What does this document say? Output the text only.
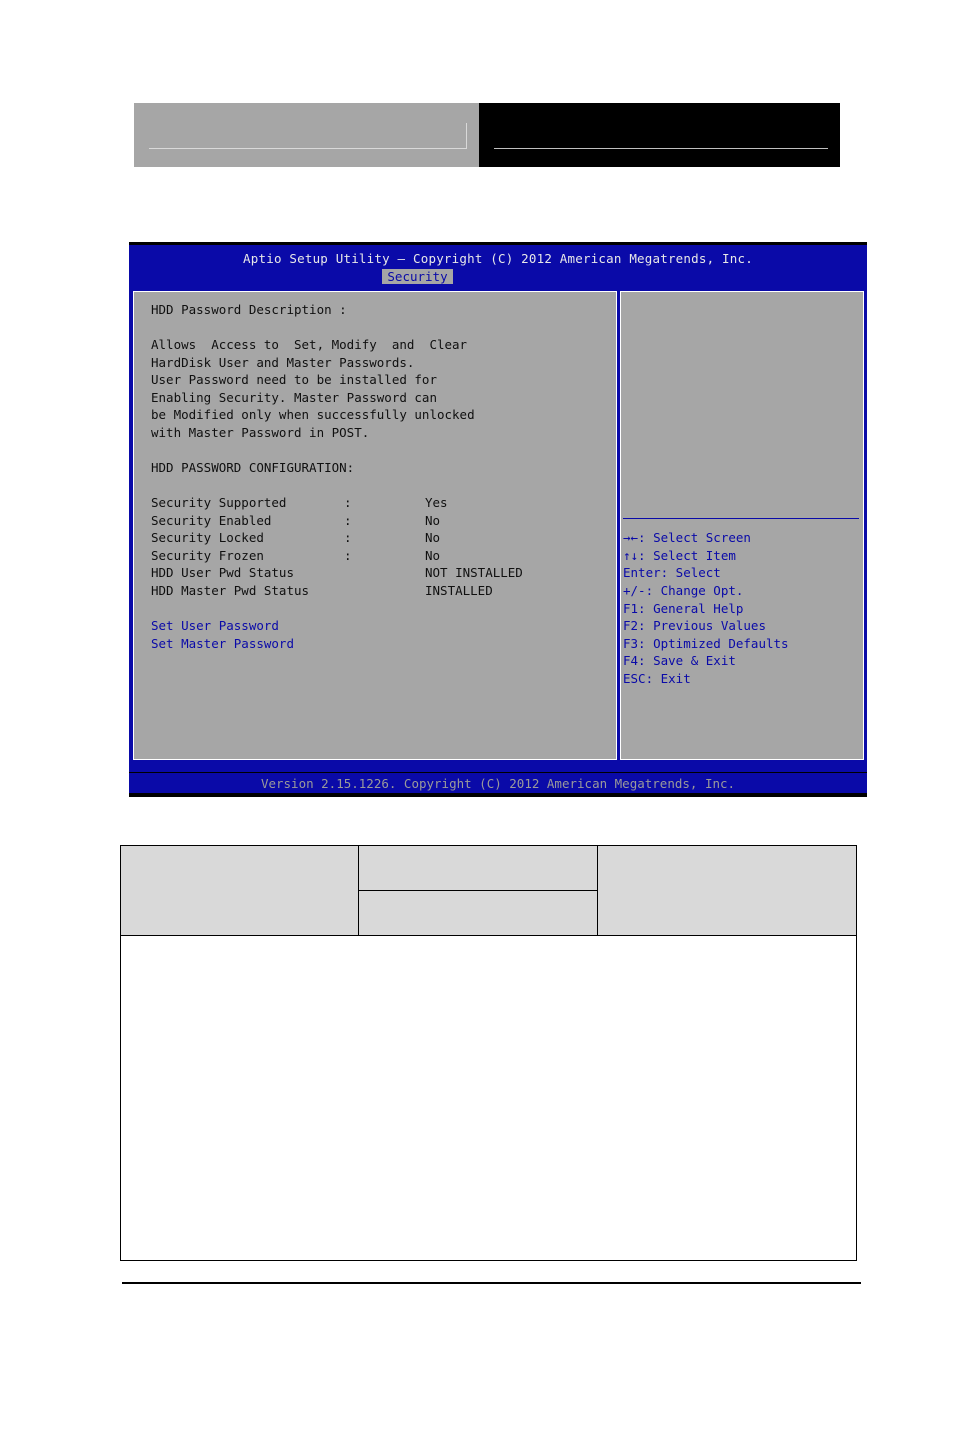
Aptio Setup Utility – Copyright (C) 2012 American Megatrends, Inc.
Security
HDD Password Description :
Allows  Access to  Set, Modify  and  Clear
HardDisk User and Master Passwords.
User Password need to be installed for
Enabling Security. Master Password can
be Modified only when successfully unlocked
with Master Password in POST.
HDD PASSWORD CONFIGURATION:
Security Supported	:	Yes
Security Enabled	:	No
Security Locked	:	No
Security Frozen	:	No
HDD User Pwd Status	NOT INSTALLED
HDD Master Pwd Status	INSTALLED
Set User Password
Set Master Password
→←: Select Screen
↑↓: Select Item
Enter: Select
+/-: Change Opt.
F1: General Help
F2: Previous Values
F3: Optimized Defaults
F4: Save & Exit
ESC: Exit
Version 2.15.1226. Copyright (C) 2012 American Megatrends, Inc.
